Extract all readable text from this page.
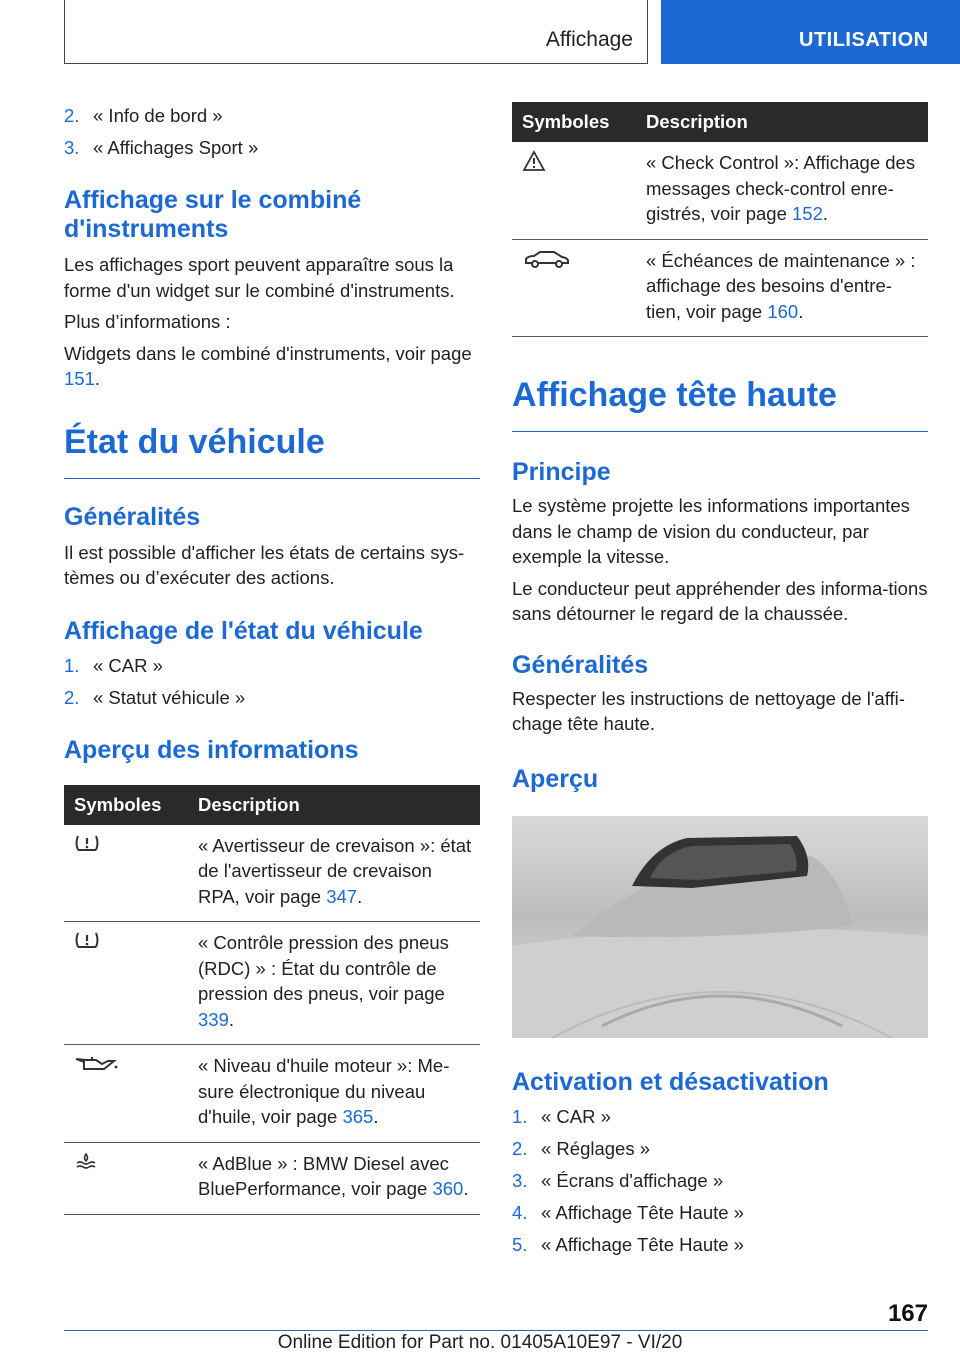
Affichage	UTILISATION
2. « Info de bord »
3. « Affichages Sport »
Affichage sur le combiné d'instruments

Les affichages sport peuvent apparaître sous la forme d'un widget sur le combiné d'instruments.

Plus d’informations :

Widgets dans le combiné d'instruments, voir page 151.

État du véhicule
Généralités

Il est possible d'afficher les états de certains sys-tèmes ou d’exécuter des actions.

Affichage de l'état du véhicule
1. « CAR »
2. « Statut véhicule »
Aperçu des informations
Symboles	Description
	« Avertisseur de crevaison »: état de l'avertisseur de crevaison RPA, voir page 347.
	« Contrôle pression des pneus (RDC) » : État du contrôle de pression des pneus, voir page 339.
	« Niveau d'huile moteur »: Me-sure électronique du niveau d'huile, voir page 365.
	« AdBlue » : BMW Diesel avec BluePerformance, voir page 360.
Symboles	Description
	« Check Control »: Affichage des messages check-control enre-gistrés, voir page 152.
	« Échéances de maintenance » : affichage des besoins d'entre-tien, voir page 160.
Affichage tête haute
Principe

Le système projette les informations importantes dans le champ de vision du conducteur, par exemple la vitesse.

Le conducteur peut appréhender des informa-tions sans détourner le regard de la chaussée.

Généralités

Respecter les instructions de nettoyage de l'affi-chage tête haute.

Aperçu
Activation et désactivation
1. « CAR »
2. « Réglages »
3. « Écrans d'affichage »
4. « Affichage Tête Haute »
5. « Affichage Tête Haute »
167
Online Edition for Part no. 01405A10E97 - VI/20
